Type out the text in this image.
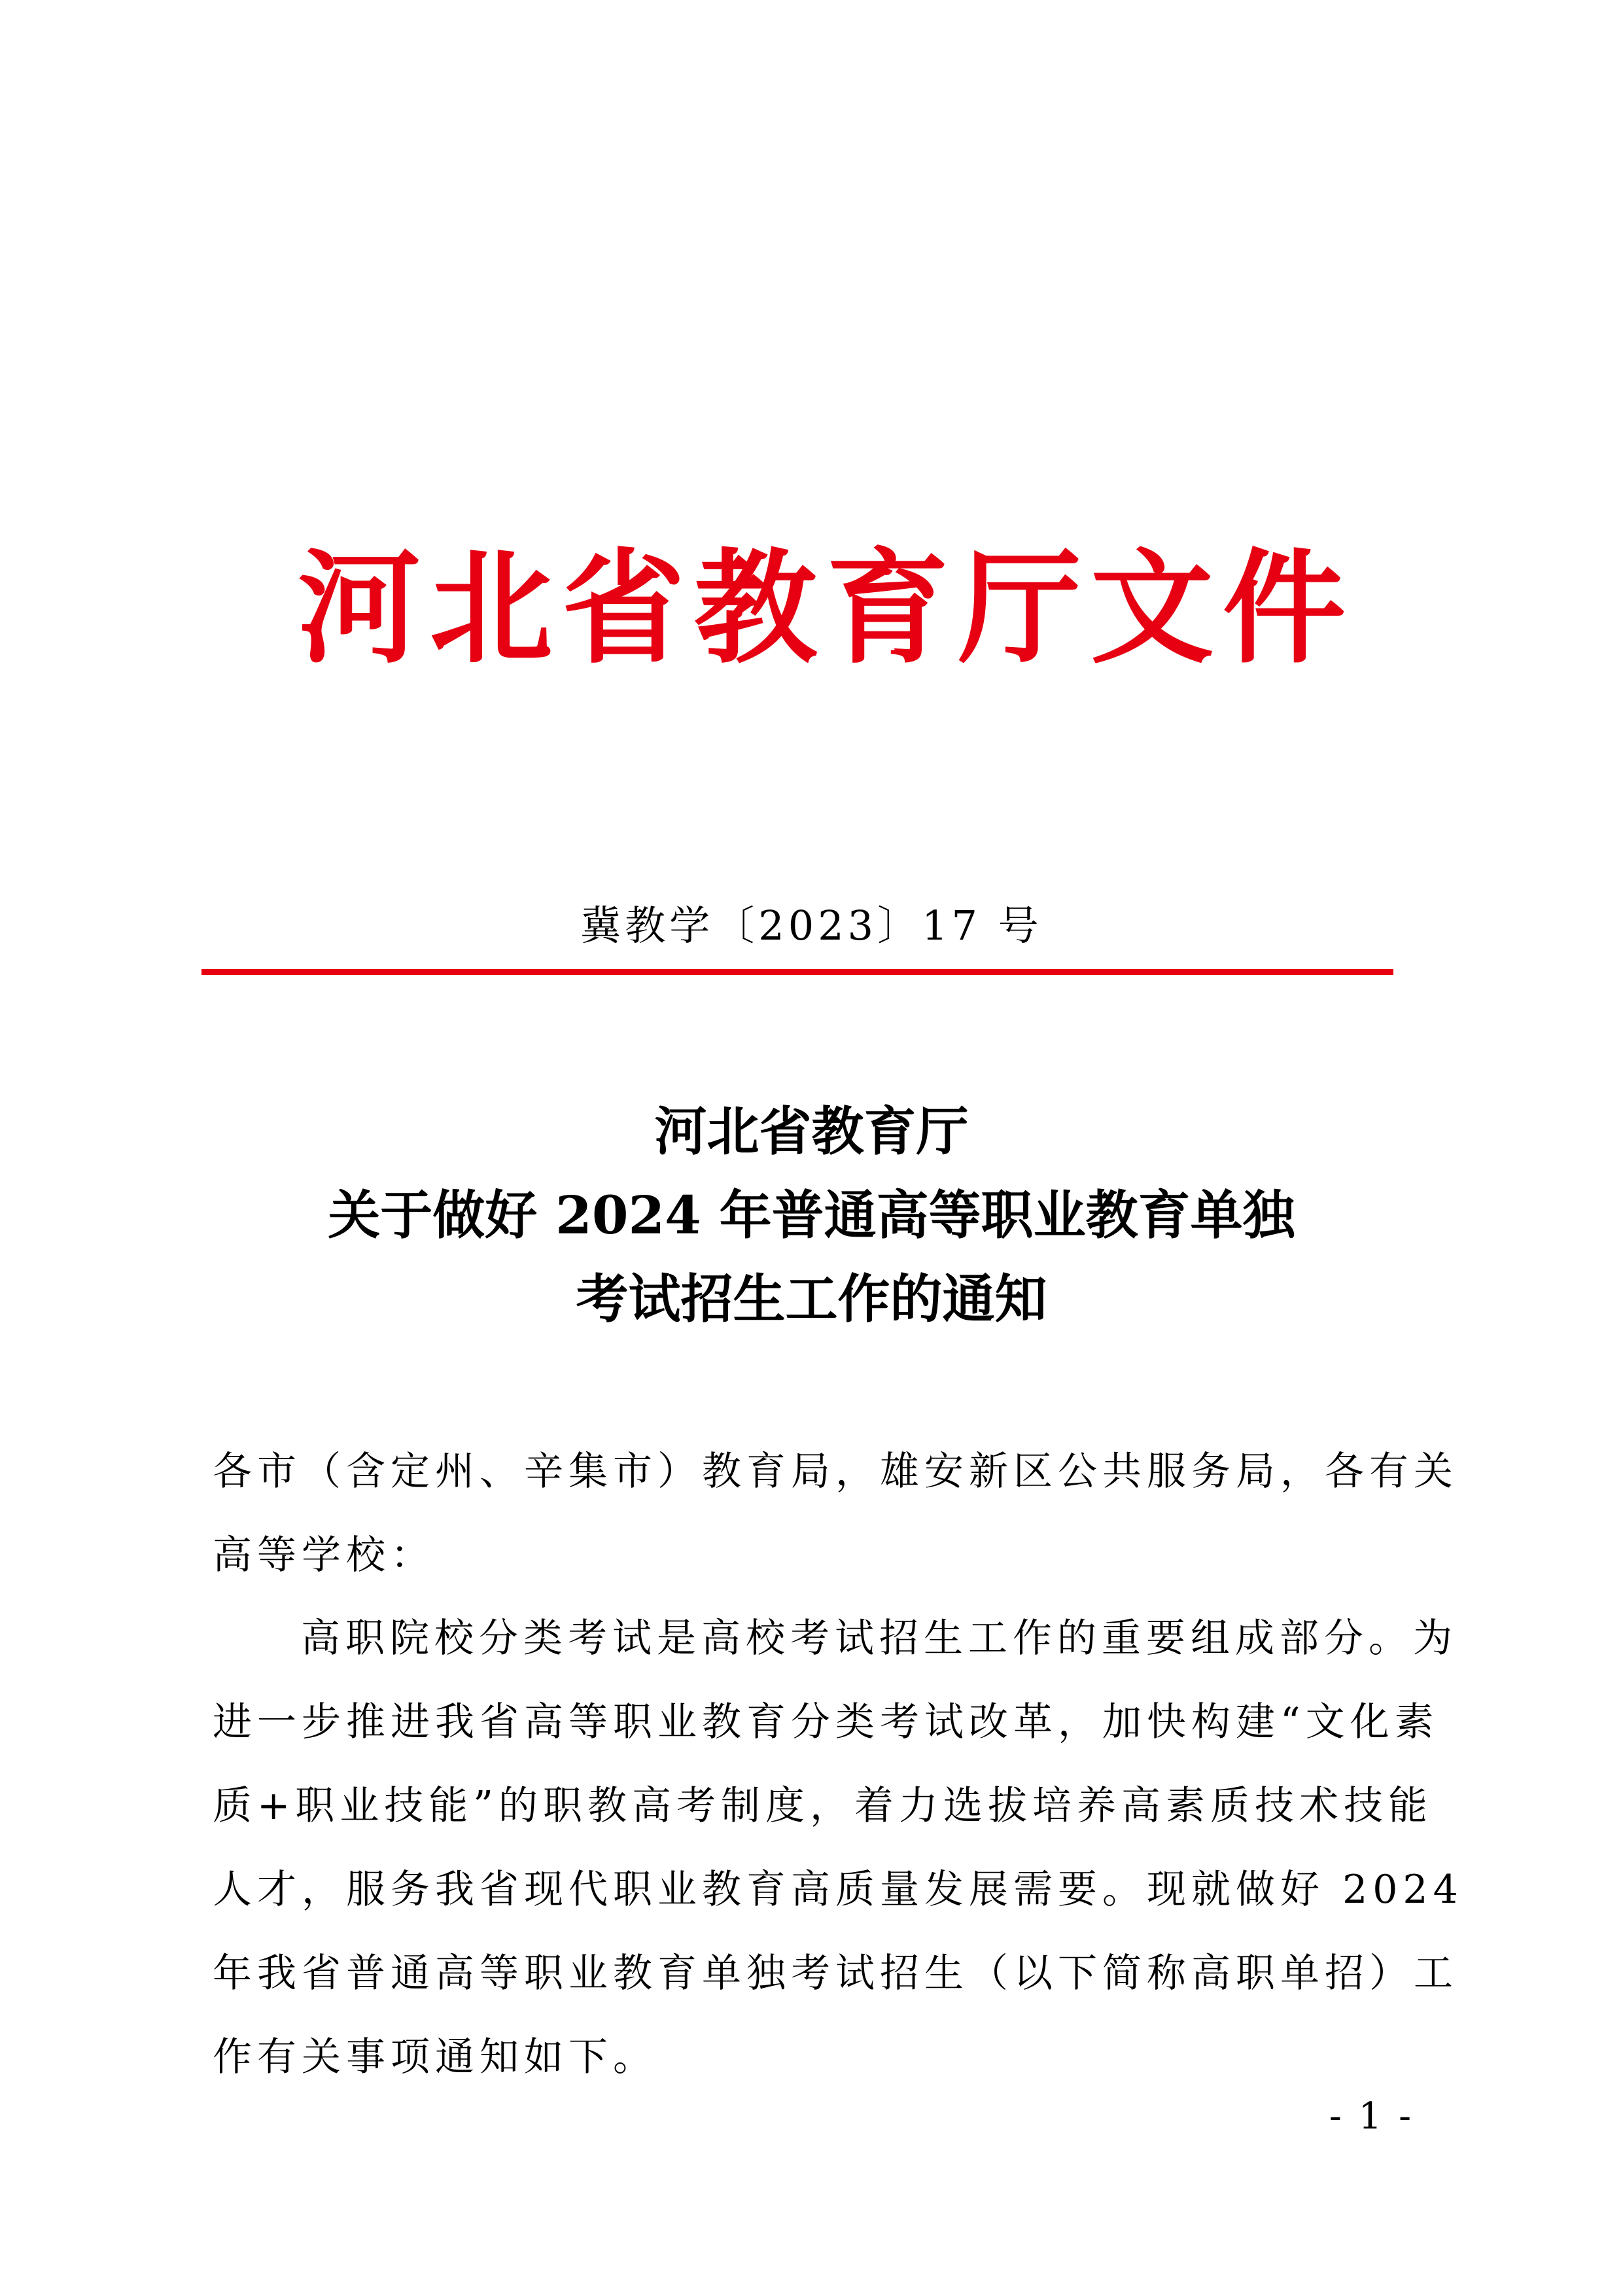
河北省教育厅文件
冀教学〔2023〕17 号
河北省教育厅
关于做好 2024 年普通高等职业教育单独
考试招生工作的通知

各市（含定州、辛集市）教育局，雄安新区公共服务局，各有关
高等学校：

高职院校分类考试是高校考试招生工作的重要组成部分。为
进一步推进我省高等职业教育分类考试改革，加快构建“文化素
质+职业技能”的职教高考制度，着力选拔培养高素质技术技能
人才，服务我省现代职业教育高质量发展需要。现就做好 2024
年我省普通高等职业教育单独考试招生（以下简称高职单招）工
作有关事项通知如下。

- 1 -
